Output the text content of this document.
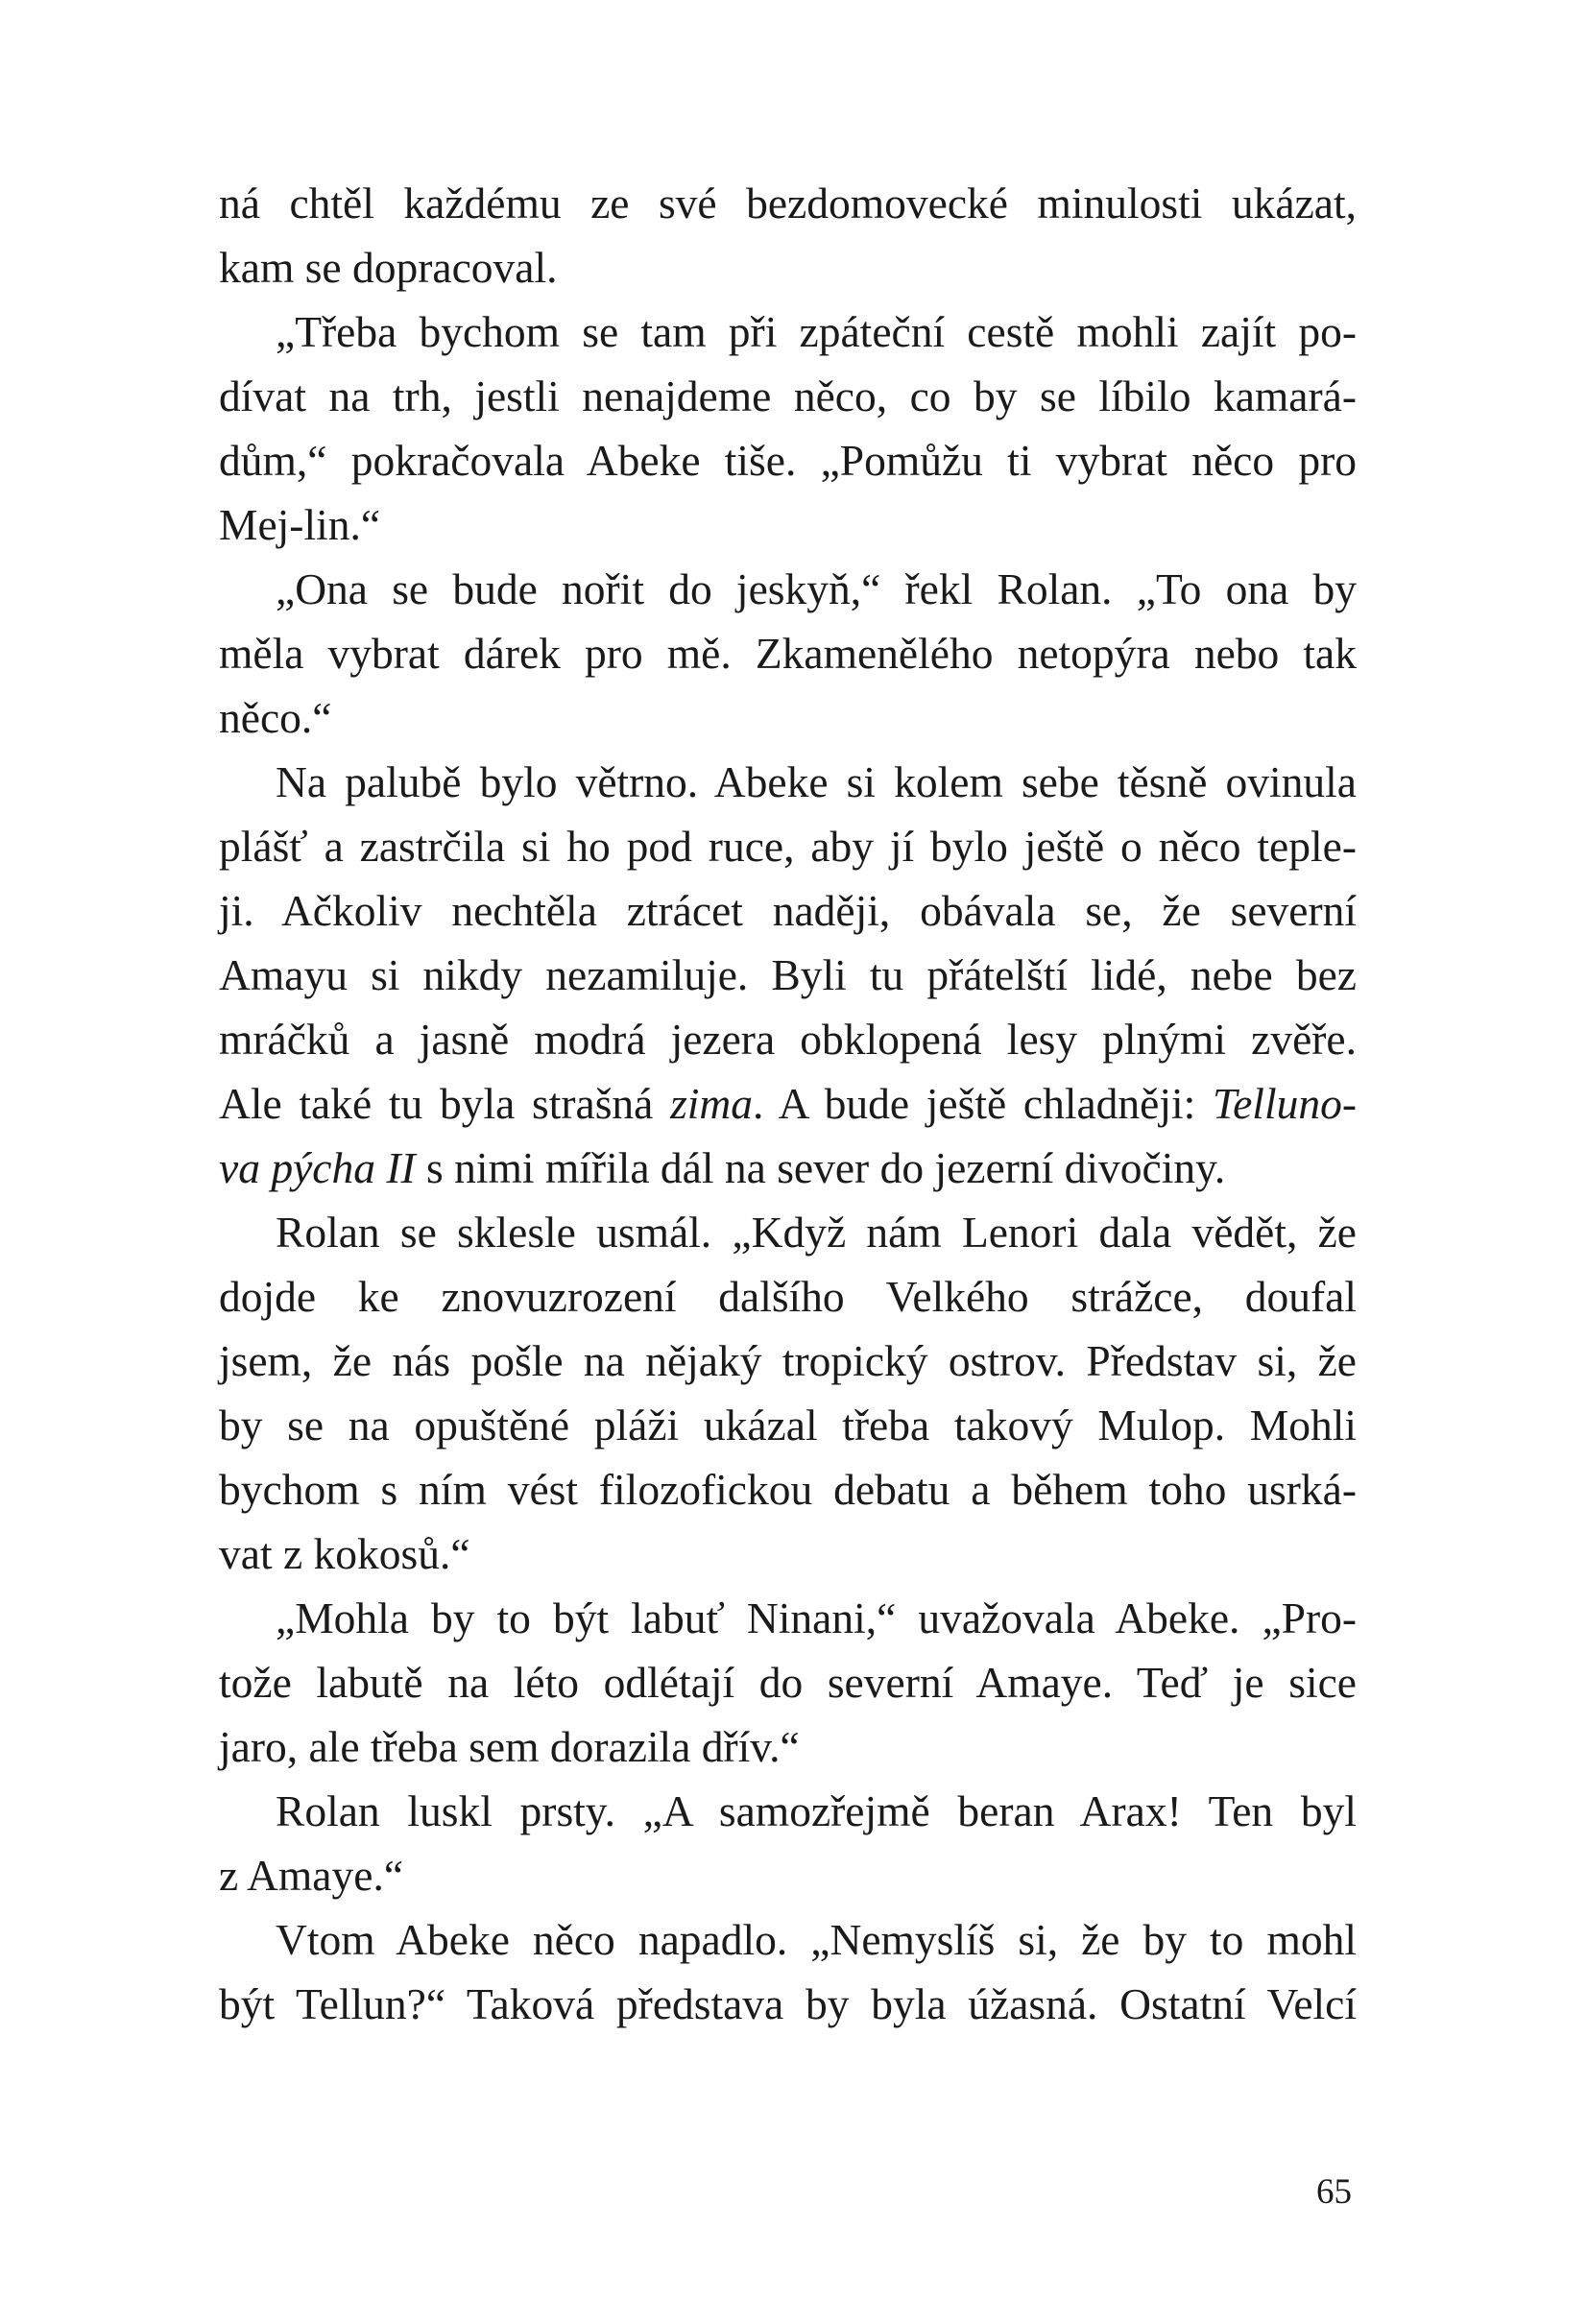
ná chtěl každému ze své bezdomovecké minulosti ukázat,
kam se dopracoval.
„Třeba bychom se tam při zpáteční cestě mohli zajít po-
dívat na trh, jestli nenajdeme něco, co by se líbilo kamará-
dům,“ pokračovala Abeke tiše. „Pomůžu ti vybrat něco pro
Mej-lin.“
„Ona se bude nořit do jeskyň,“ řekl Rolan. „To ona by
měla vybrat dárek pro mě. Zkamenělého netopýra nebo tak
něco.“
Na palubě bylo větrno. Abeke si kolem sebe těsně ovinula
plášť a zastrčila si ho pod ruce, aby jí bylo ještě o něco teple-
ji. Ačkoliv nechtěla ztrácet naději, obávala se, že severní
Amayu si nikdy nezamiluje. Byli tu přátelští lidé, nebe bez
mráčků a jasně modrá jezera obklopená lesy plnými zvěře.
Ale také tu byla strašná zima. A bude ještě chladněji: Telluno-
va pýcha II s nimi mířila dál na sever do jezerní divočiny.
Rolan se sklesle usmál. „Když nám Lenori dala vědět, že
dojde ke znovuzrození dalšího Velkého strážce, doufal
jsem, že nás pošle na nějaký tropický ostrov. Představ si, že
by se na opuštěné pláži ukázal třeba takový Mulop. Mohli
bychom s ním vést filozofickou debatu a během toho usrká-
vat z kokosů.“
„Mohla by to být labuť Ninani,“ uvažovala Abeke. „Pro-
tože labutě na léto odlétají do severní Amaye. Teď je sice
jaro, ale třeba sem dorazila dřív.“
Rolan luskl prsty. „A samozřejmě beran Arax! Ten byl
z Amaye.“
Vtom Abeke něco napadlo. „Nemyslíš si, že by to mohl
být Tellun?“ Taková představa by byla úžasná. Ostatní Velcí
65
